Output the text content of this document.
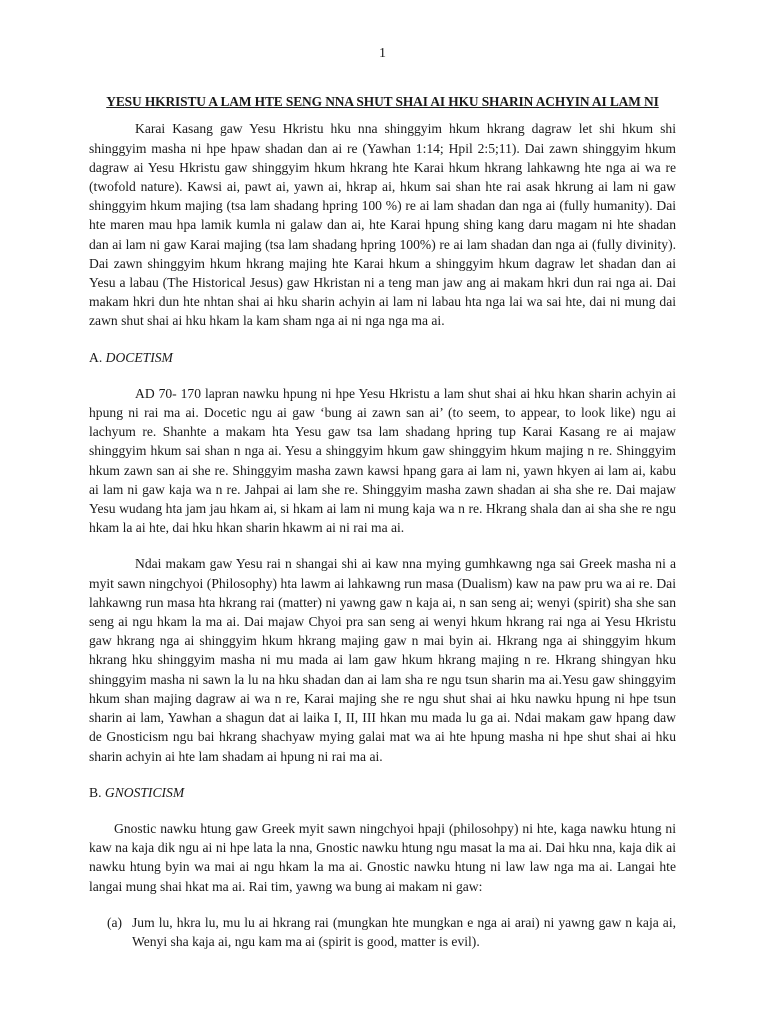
1
YESU HKRISTU A LAM HTE SENG NNA SHUT SHAI AI HKU SHARIN ACHYIN AI LAM NI

Karai Kasang gaw Yesu Hkristu hku nna shinggyim hkum hkrang dagraw let shi hkum shi shinggyim masha ni hpe hpaw shadan dan ai re (Yawhan 1:14; Hpil 2:5;11). Dai zawn shinggyim hkum dagraw ai Yesu Hkristu gaw shinggyim hkum hkrang hte Karai hkum hkrang lahkawng hte nga ai wa re (twofold nature). Kawsi ai, pawt ai, yawn ai, hkrap ai, hkum sai shan hte rai asak hkrung ai lam ni gaw shinggyim hkum majing (tsa lam shadang hpring 100 %) re ai lam shadan dan nga ai (fully humanity). Dai hte maren mau hpa lamik kumla ni galaw dan ai, hte Karai hpung shing kang daru magam ni hte shadan dan ai lam ni gaw Karai majing (tsa lam shadang hpring 100%) re ai lam shadan dan nga ai (fully divinity). Dai zawn shinggyim hkum hkrang majing hte Karai hkum a shinggyim hkum dagraw let shadan dan ai Yesu a labau (The Historical Jesus) gaw Hkristan ni a teng man jaw ang ai makam hkri dun rai nga ai. Dai makam hkri dun hte nhtan shai ai hku sharin achyin ai lam ni labau hta nga lai wa sai hte, dai ni mung dai zawn shut shai ai hku hkam la kam sham nga ai ni nga nga ma ai.

A. DOCETISM

AD 70- 170 lapran nawku hpung ni hpe Yesu Hkristu a lam shut shai ai hku hkan sharin achyin ai hpung ni rai ma ai. Docetic ngu ai gaw ‘bung ai zawn san ai’ (to seem, to appear, to look like) ngu ai lachyum re. Shanhte a makam hta Yesu gaw tsa lam shadang hpring tup Karai Kasang re ai majaw shinggyim hkum sai shan n nga ai. Yesu a shinggyim hkum gaw shinggyim hkum majing n re. Shinggyim hkum zawn san ai she re. Shinggyim masha zawn kawsi hpang gara ai lam ni, yawn hkyen ai lam ai, kabu ai lam ni gaw kaja wa n re. Jahpai ai lam she re. Shinggyim masha zawn shadan ai sha she re. Dai majaw Yesu wudang hta jam jau hkam ai, si hkam ai lam ni mung kaja wa n re. Hkrang shala dan ai sha she re ngu hkam la ai hte, dai hku hkan sharin hkawm ai ni rai ma ai.

Ndai makam gaw Yesu rai n shangai shi ai kaw nna mying gumhkawng nga sai Greek masha ni a myit sawn ningchyoi (Philosophy) hta lawm ai lahkawng run masa (Dualism) kaw na paw pru wa ai re. Dai lahkawng run masa hta hkrang rai (matter) ni yawng gaw n kaja ai, n san seng ai; wenyi (spirit) sha she san seng ai ngu hkam la ma ai. Dai majaw Chyoi pra san seng ai wenyi hkum hkrang rai nga ai Yesu Hkristu gaw hkrang nga ai shinggyim hkum hkrang majing gaw n mai byin ai. Hkrang nga ai shinggyim hkum hkrang hku shinggyim masha ni mu mada ai lam gaw hkum hkrang majing n re. Hkrang shingyan hku shinggyim masha ni sawn la lu na hku shadan dan ai lam sha re ngu tsun sharin ma ai.Yesu gaw shinggyim hkum shan majing dagraw ai wa n re, Karai majing she re ngu shut shai ai hku nawku hpung ni hpe tsun sharin ai lam, Yawhan a shagun dat ai laika I, II, III hkan mu mada lu ga ai. Ndai makam gaw hpang daw de Gnosticism ngu bai hkrang shachyaw mying galai mat wa ai hte hpung masha ni hpe shut shai ai hku sharin achyin ai hte lam shadam ai hpung ni rai ma ai.

B. GNOSTICISM

Gnostic nawku htung gaw Greek myit sawn ningchyoi hpaji (philosohpy) ni hte, kaga nawku htung ni kaw na kaja dik ngu ai ni hpe lata la nna, Gnostic nawku htung ngu masat la ma ai. Dai hku nna, kaja dik ai nawku htung byin wa mai ai ngu hkam la ma ai. Gnostic nawku htung ni law law nga ma ai. Langai hte langai mung shai hkat ma ai. Rai tim, yawng wa bung ai makam ni gaw:

(a) Jum lu, hkra lu, mu lu ai hkrang rai (mungkan hte mungkan e nga ai arai) ni yawng gaw n kaja ai, Wenyi sha kaja ai, ngu kam ma ai (spirit is good, matter is evil).
